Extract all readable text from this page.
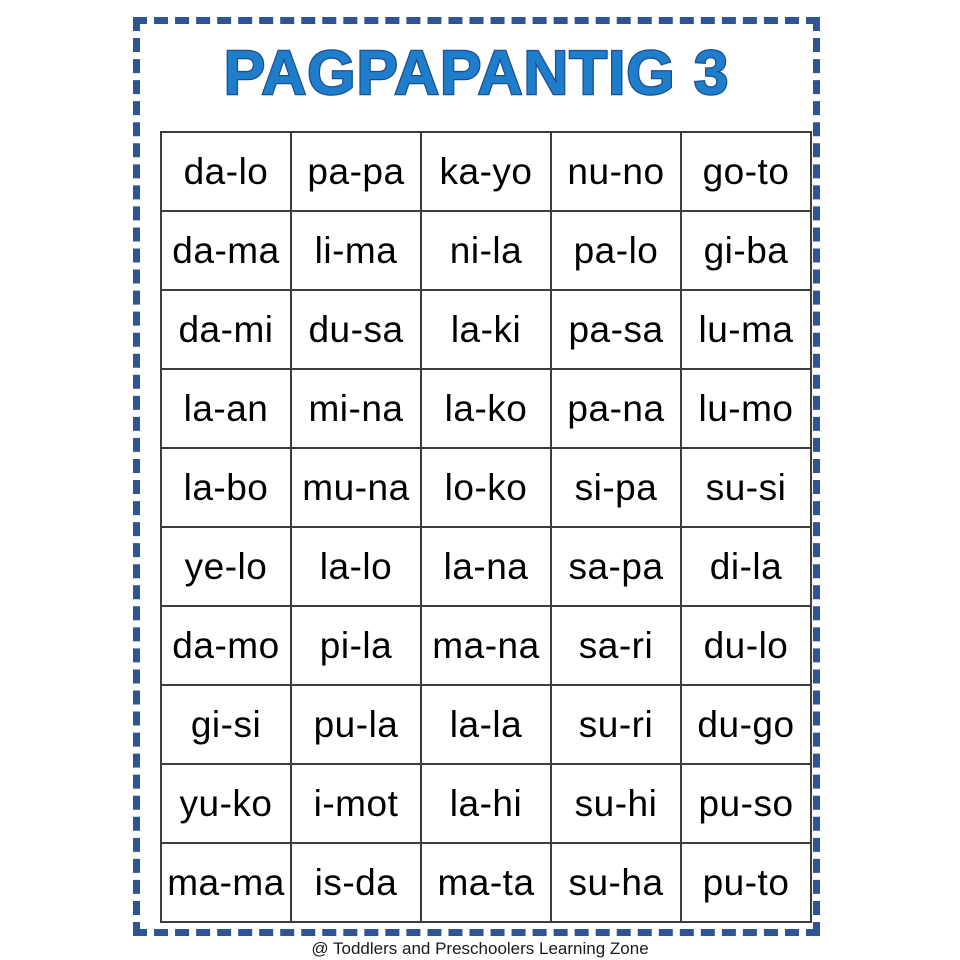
PAGPAPANTIG 3
da-lo	pa-pa	ka-yo	nu-no	go-to
da-ma	li-ma	ni-la	pa-lo	gi-ba
da-mi	du-sa	la-ki	pa-sa	lu-ma
la-an	mi-na	la-ko	pa-na	lu-mo
la-bo	mu-na	lo-ko	si-pa	su-si
ye-lo	la-lo	la-na	sa-pa	di-la
da-mo	pi-la	ma-na	sa-ri	du-lo
gi-si	pu-la	la-la	su-ri	du-go
yu-ko	i-mot	la-hi	su-hi	pu-so
ma-ma	is-da	ma-ta	su-ha	pu-to
@ Toddlers and Preschoolers Learning Zone
